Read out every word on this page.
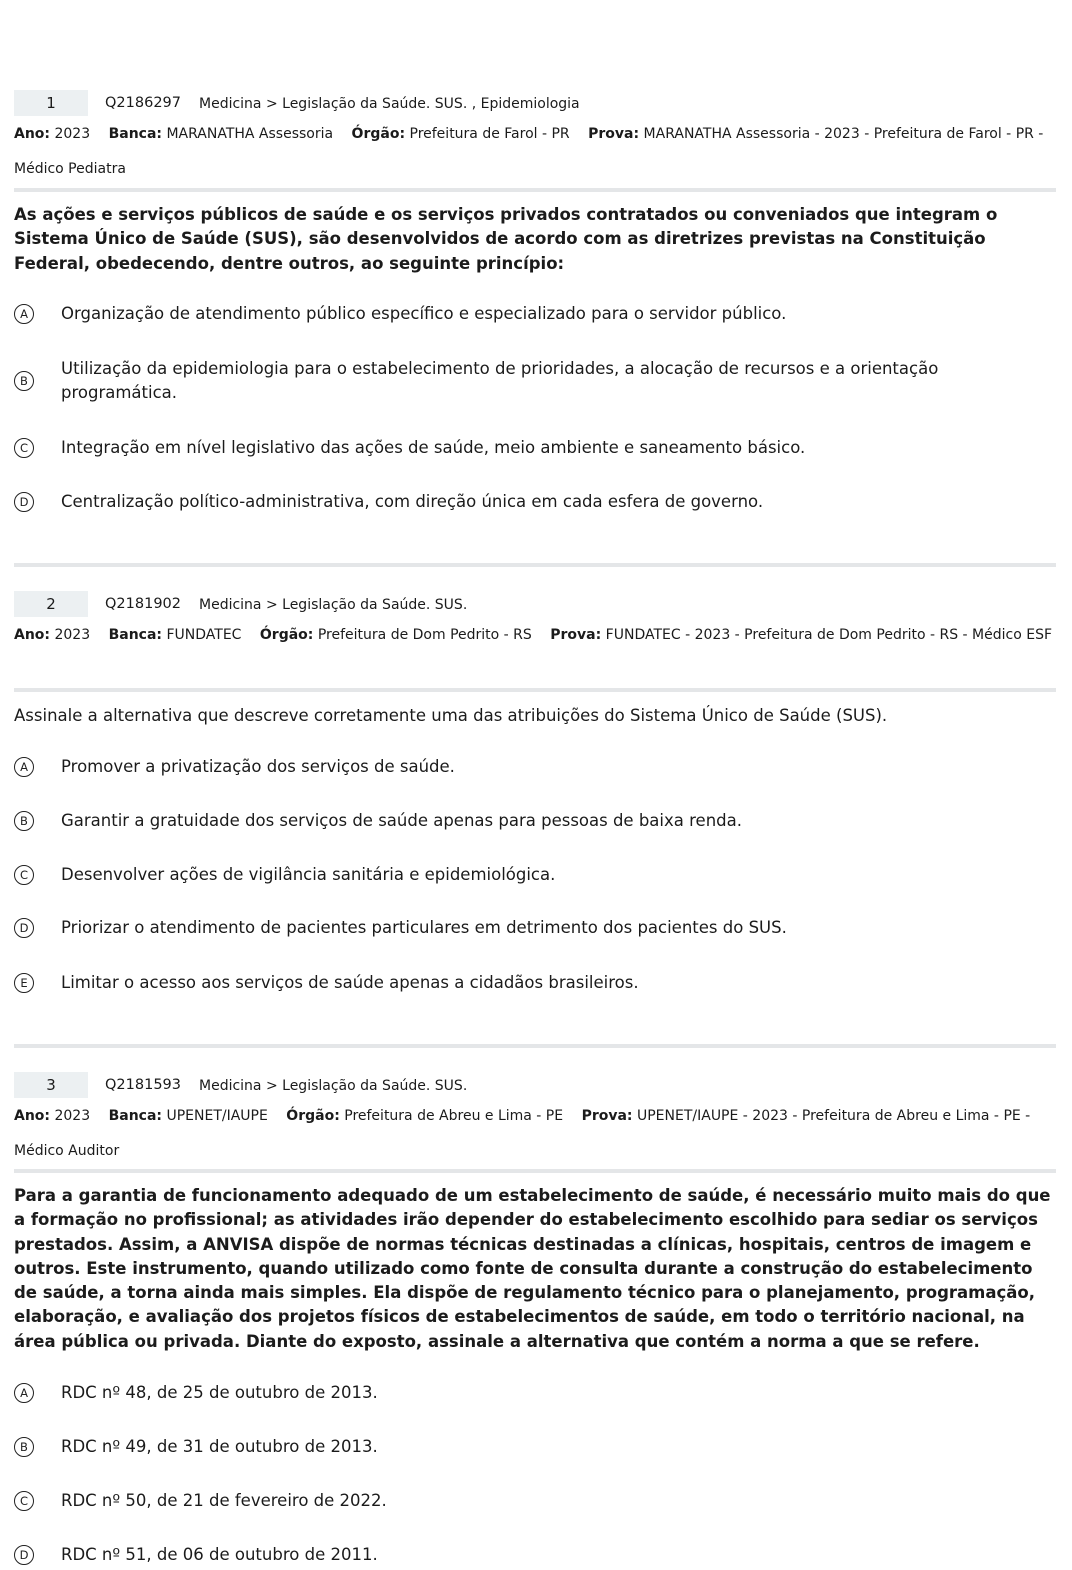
1	Q2186297 Medicina > Legislação da Saúde. SUS. , Epidemiologia
Ano: 2023 Banca: MARANATHA Assessoria Órgão: Prefeitura de Farol - PR Prova: MARANATHA Assessoria - 2023 - Prefeitura de Farol - PR - Médico Pediatra
As ações e serviços públicos de saúde e os serviços privados contratados ou conveniados que integram o Sistema Único de Saúde (SUS), são desenvolvidos de acordo com as diretrizes previstas na Constituição Federal, obedecendo, dentre outros, ao seguinte princípio:
A	Organização de atendimento público específico e especializado para o servidor público.
B
Utilização da epidemiologia para o estabelecimento de prioridades, a alocação de recursos e a orientação programática.
C	Integração em nível legislativo das ações de saúde, meio ambiente e saneamento básico.
D	Centralização político-administrativa, com direção única em cada esfera de governo.
2	Q2181902 Medicina > Legislação da Saúde. SUS.
Ano: 2023 Banca: FUNDATEC Órgão: Prefeitura de Dom Pedrito - RS Prova: FUNDATEC - 2023 - Prefeitura de Dom Pedrito - RS - Médico ESF
Assinale a alternativa que descreve corretamente uma das atribuições do Sistema Único de Saúde (SUS).
A	Promover a privatização dos serviços de saúde.
B	Garantir a gratuidade dos serviços de saúde apenas para pessoas de baixa renda.
C	Desenvolver ações de vigilância sanitária e epidemiológica.
D	Priorizar o atendimento de pacientes particulares em detrimento dos pacientes do SUS.
E	Limitar o acesso aos serviços de saúde apenas a cidadãos brasileiros.
3	Q2181593 Medicina > Legislação da Saúde. SUS.
Ano: 2023 Banca: UPENET/IAUPE Órgão: Prefeitura de Abreu e Lima - PE Prova: UPENET/IAUPE - 2023 - Prefeitura de Abreu e Lima - PE - Médico Auditor
Para a garantia de funcionamento adequado de um estabelecimento de saúde, é necessário muito mais do que a formação no profissional; as atividades irão depender do estabelecimento escolhido para sediar os serviços prestados. Assim, a ANVISA dispõe de normas técnicas destinadas a clínicas, hospitais, centros de imagem e outros. Este instrumento, quando utilizado como fonte de consulta durante a construção do estabelecimento de saúde, a torna ainda mais simples. Ela dispõe de regulamento técnico para o planejamento, programação, elaboração, e avaliação dos projetos físicos de estabelecimentos de saúde, em todo o território nacional, na área pública ou privada. Diante do exposto, assinale a alternativa que contém a norma a que se refere.
A	RDC nº 48, de 25 de outubro de 2013.
B	RDC nº 49, de 31 de outubro de 2013.
C	RDC nº 50, de 21 de fevereiro de 2022.
D	RDC nº 51, de 06 de outubro de 2011.
